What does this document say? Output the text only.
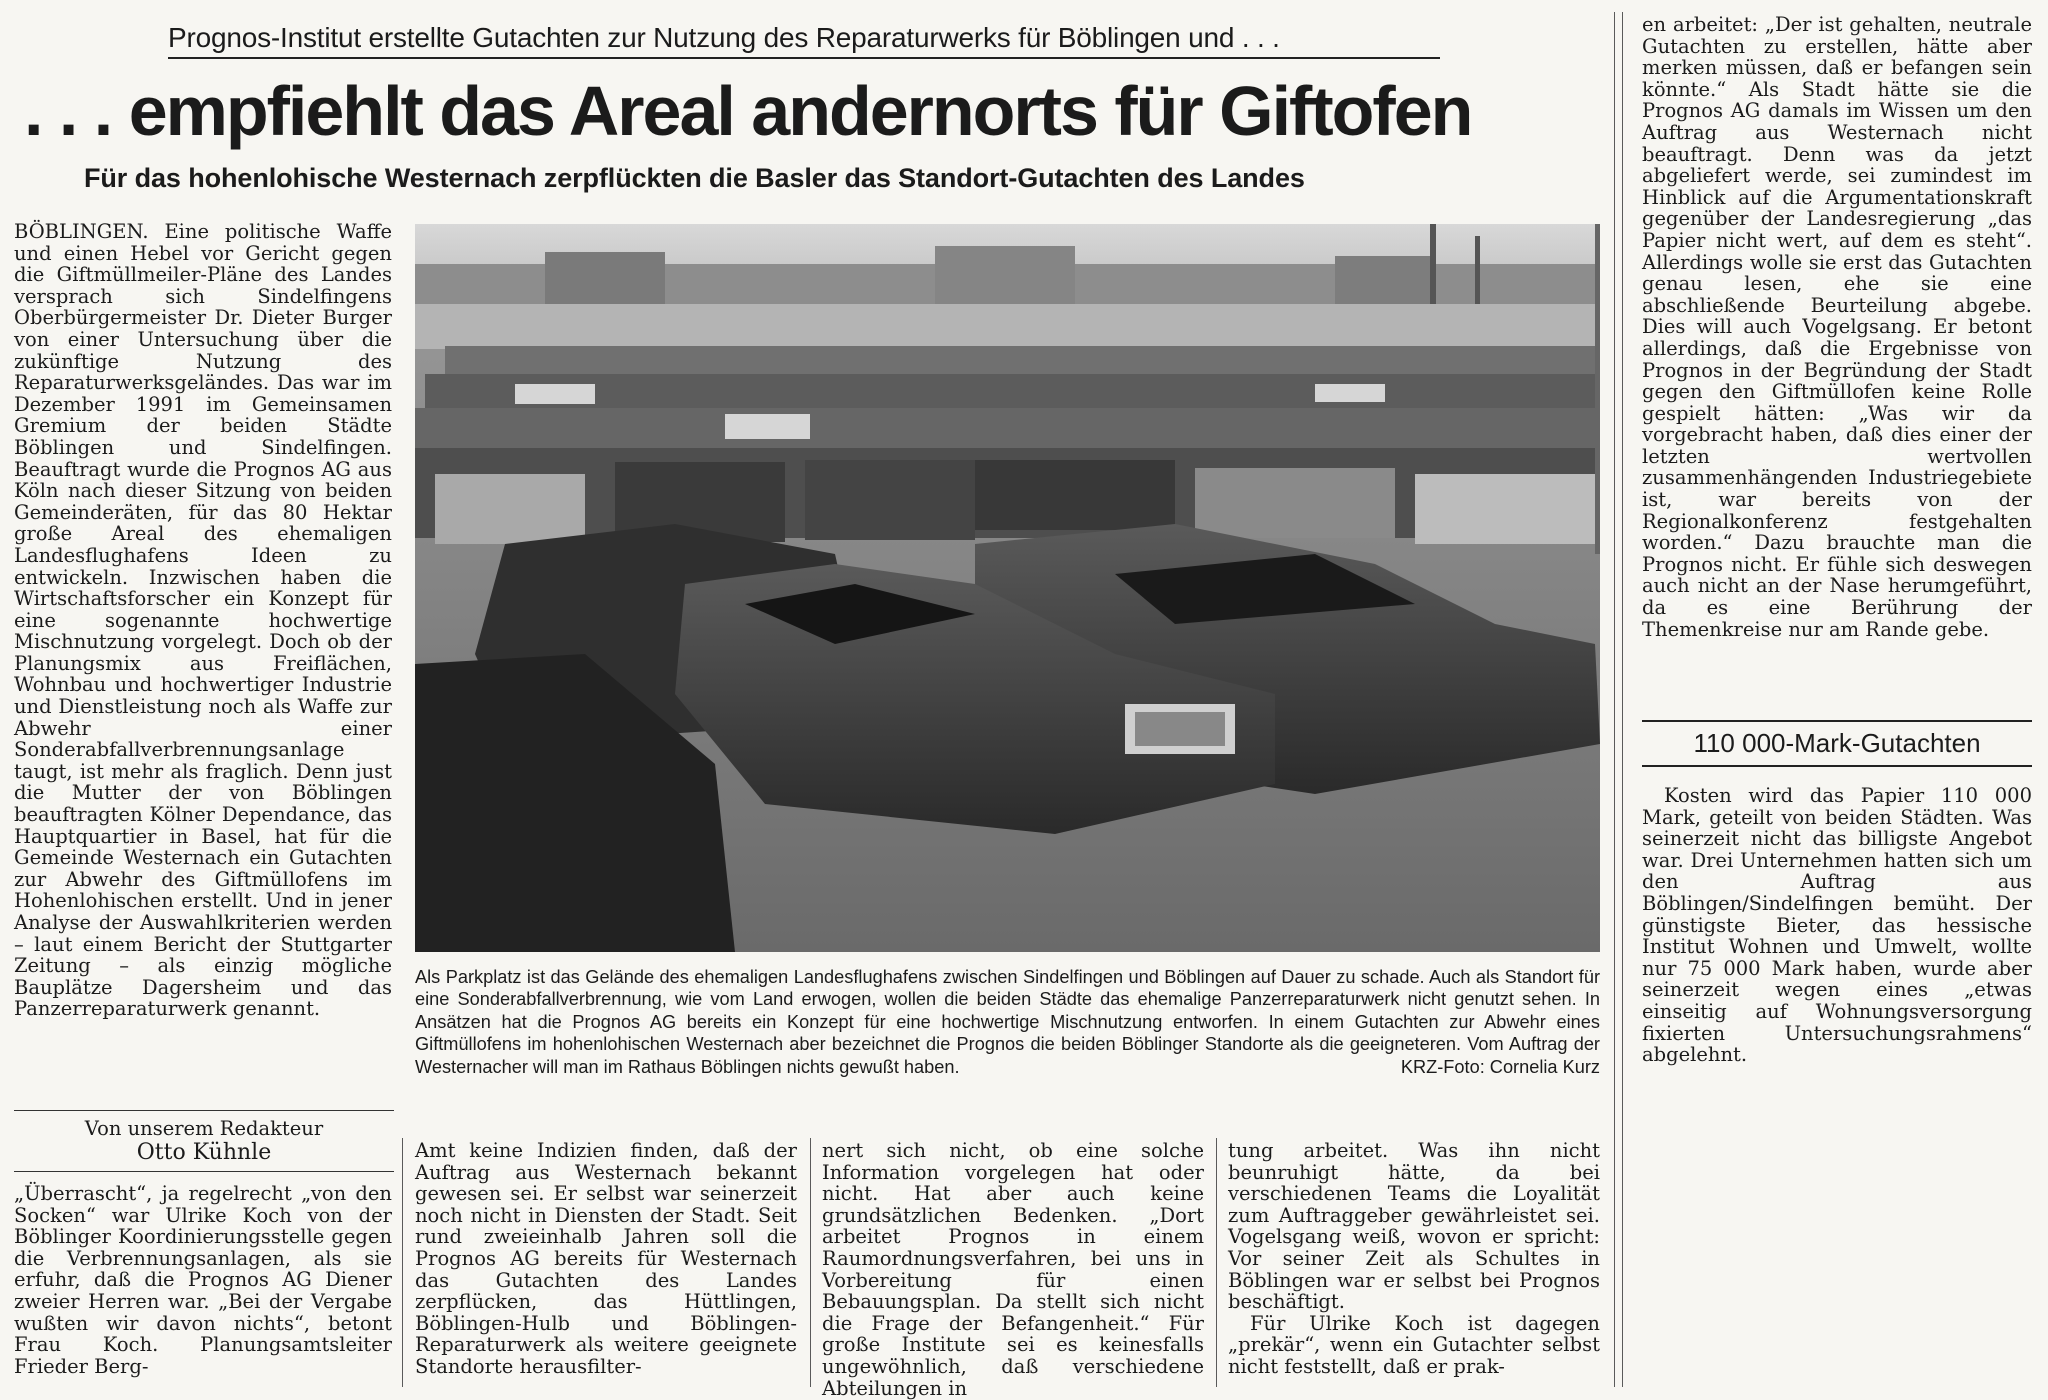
Prognos-Institut erstellte Gutachten zur Nutzung des Reparaturwerks für Böblingen und . . .
. . . empfiehlt das Areal andernorts für Giftofen
Für das hohenlohische Westernach zerpflückten die Basler das Standort-Gutachten des Landes

BÖBLINGEN. Eine politische Waffe und einen Hebel vor Gericht gegen die Giftmüllmeiler-Pläne des Landes versprach sich Sindelfingens Oberbürgermeister Dr. Dieter Burger von einer Untersuchung über die zukünftige Nutzung des Reparaturwerksgeländes. Das war im Dezember 1991 im Gemeinsamen Gremium der beiden Städte Böblingen und Sindelfingen. Beauftragt wurde die Prognos AG aus Köln nach dieser Sitzung von beiden Gemeinderäten, für das 80 Hektar große Areal des ehemaligen Landesflughafens Ideen zu entwickeln. Inzwischen haben die Wirtschaftsforscher ein Konzept für eine sogenannte hochwertige Mischnutzung vorgelegt. Doch ob der Planungsmix aus Freiflächen, Wohnbau und hochwertiger Industrie und Dienstleistung noch als Waffe zur Abwehr einer Sonderabfallverbrennungsanlage taugt, ist mehr als fraglich. Denn just die Mutter der von Böblingen beauftragten Kölner Dependance, das Hauptquartier in Basel, hat für die Gemeinde Westernach ein Gutachten zur Abwehr des Giftmüllofens im Hohenlohischen erstellt. Und in jener Analyse der Auswahlkriterien werden – laut einem Bericht der Stuttgarter Zeitung – als einzig mögliche Bauplätze Dagersheim und das Panzerreparaturwerk genannt.

Von unserem Redakteur
Otto Kühnle

„Überrascht“, ja regelrecht „von den Socken“ war Ulrike Koch von der Böblinger Koordinierungsstelle gegen die Verbrennungsanlagen, als sie erfuhr, daß die Prognos AG Diener zweier Herren war. „Bei der Vergabe wußten wir davon nichts“, betont Frau Koch. Planungsamtsleiter Frieder Berg-

Als Parkplatz ist das Gelände des ehemaligen Landesflughafens zwischen Sindelfingen und Böblingen auf Dauer zu schade. Auch als Standort für eine Sonderabfallverbrennung, wie vom Land erwogen, wollen die beiden Städte das ehemalige Panzerreparaturwerk nicht genutzt sehen. In Ansätzen hat die Prognos AG bereits ein Konzept für eine hochwertige Mischnutzung entworfen. In einem Gutachten zur Abwehr eines Giftmüllofens im hohenlohischen Westernach aber bezeichnet die Prognos die beiden Böblinger Standorte als die geeigneteren. Vom Auftrag der Westernacher will man im Rathaus Böblingen nichts gewußt haben.	KRZ-Foto: Cornelia Kurz

Amt keine Indizien finden, daß der Auftrag aus Westernach bekannt gewesen sei. Er selbst war seinerzeit noch nicht in Diensten der Stadt. Seit rund zweieinhalb Jahren soll die Prognos AG bereits für Westernach das Gutachten des Landes zerpflücken, das Hüttlingen, Böblingen-Hulb und Böblingen-Reparaturwerk als weitere geeignete Standorte herausfilter-

nert sich nicht, ob eine solche Information vorgelegen hat oder nicht. Hat aber auch keine grundsätzlichen Bedenken. „Dort arbeitet Prognos in einem Raumordnungsverfahren, bei uns in Vorbereitung für einen Bebauungsplan. Da stellt sich nicht die Frage der Befangenheit.“ Für große Institute sei es keinesfalls ungewöhnlich, daß verschiedene Abteilungen in

tung arbeitet. Was ihn nicht beunruhigt hätte, da bei verschiedenen Teams die Loyalität zum Auftraggeber gewährleistet sei. Vogelsgang weiß, wovon er spricht: Vor seiner Zeit als Schultes in Böblingen war er selbst bei Prognos beschäftigt.

Für Ulrike Koch ist dagegen „prekär“, wenn ein Gutachter selbst nicht feststellt, daß er prak-

en arbeitet: „Der ist gehalten, neutrale Gutachten zu erstellen, hätte aber merken müssen, daß er befangen sein könnte.“ Als Stadt hätte sie die Prognos AG damals im Wissen um den Auftrag aus Westernach nicht beauftragt. Denn was da jetzt abgeliefert werde, sei zumindest im Hinblick auf die Argumentationskraft gegenüber der Landesregierung „das Papier nicht wert, auf dem es steht“. Allerdings wolle sie erst das Gutachten genau lesen, ehe sie eine abschließende Beurteilung abgebe. Dies will auch Vogelgsang. Er betont allerdings, daß die Ergebnisse von Prognos in der Begründung der Stadt gegen den Giftmüllofen keine Rolle gespielt hätten: „Was wir da vorgebracht haben, daß dies einer der letzten wertvollen zusammenhängenden Industriegebiete ist, war bereits von der Regionalkonferenz festgehalten worden.“ Dazu brauchte man die Prognos nicht. Er fühle sich deswegen auch nicht an der Nase herumgeführt, da es eine Berührung der Themenkreise nur am Rande gebe.

110 000-Mark-Gutachten

Kosten wird das Papier 110 000 Mark, geteilt von beiden Städten. Was seinerzeit nicht das billigste Angebot war. Drei Unternehmen hatten sich um den Auftrag aus Böblingen/Sindelfingen bemüht. Der günstigste Bieter, das hessische Institut Wohnen und Umwelt, wollte nur 75 000 Mark haben, wurde aber seinerzeit wegen eines „etwas einseitig auf Wohnungsversorgung fixierten Untersuchungsrahmens“ abgelehnt.
